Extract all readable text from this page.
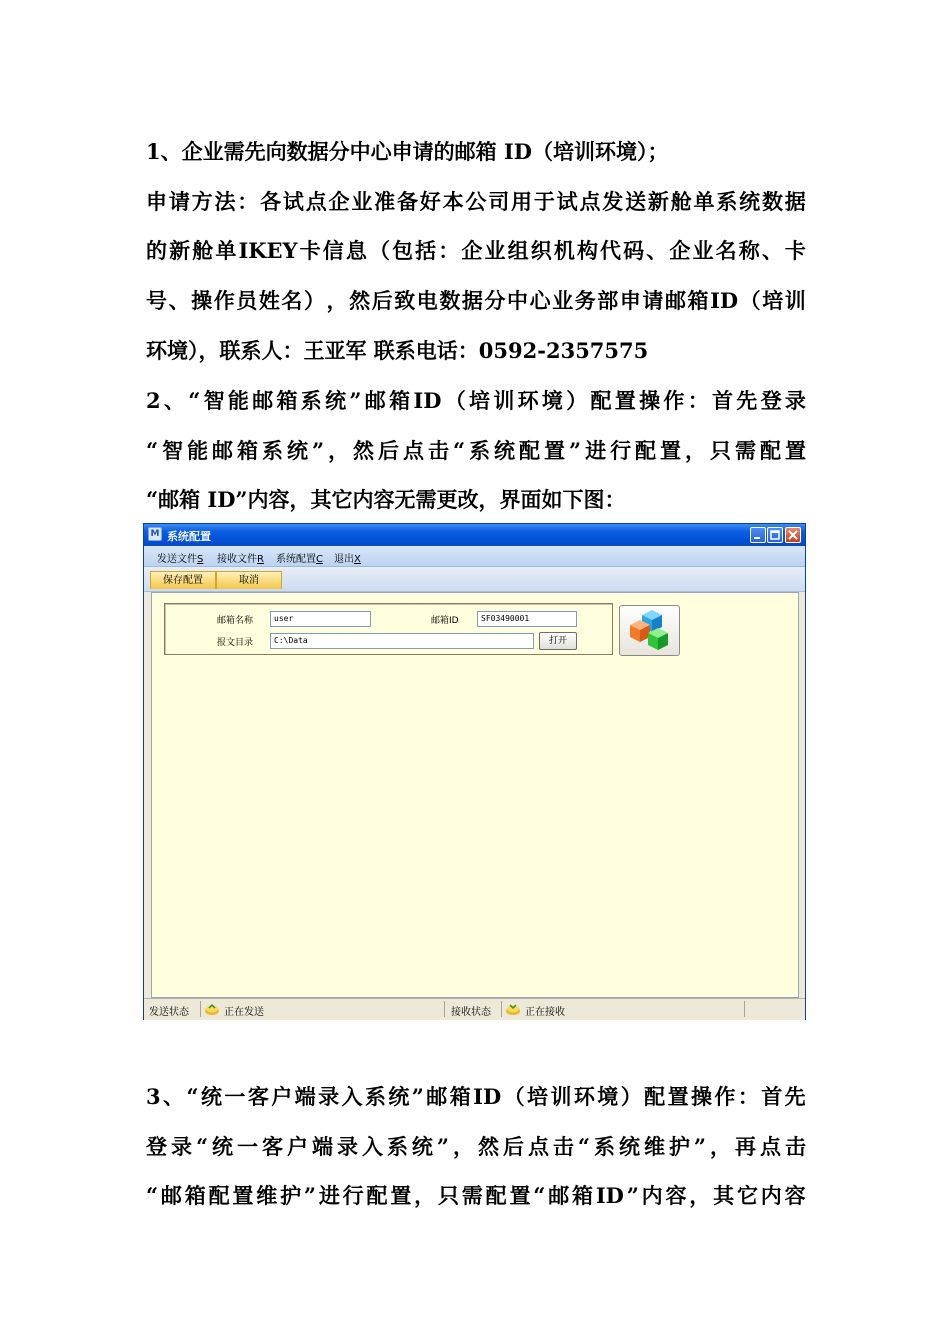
1、企业需先向数据分中心申请的邮箱 ID（培训环境）；
申 请 方 法 ： 各 试 点 企 业 准 备 好 本 公 司 用 于 试 点 发 送 新 舱 单 系 统 数 据
的 新 舱 单 IKEY 卡 信 息 （ 包 括 ： 企 业 组 织 机 构 代 码 、 企 业 名 称 、 卡
号 、 操 作 员 姓 名 ） ， 然 后 致 电 数 据 分 中 心 业 务 部 申 请 邮 箱 ID （ 培 训
环境），联系人：王亚军 联系电话：0592-2357575
2 、 “ 智 能 邮 箱 系 统 ” 邮 箱 ID （ 培 训 环 境 ） 配 置 操 作 ： 首 先 登 录
“ 智 能 邮 箱 系 统 ” ， 然 后 点 击 “ 系 统 配 置 ” 进 行 配 置 ， 只 需 配 置
“邮箱 ID”内容，其它内容无需更改，界面如下图：
M 系统配置
发送文件S 接收文件R 系统配置C 退出X
保存配置	取消
邮箱名称	user	邮箱ID	SF03490001
报文目录	C:\Data	打开
发送状态	正在发送	接收状态	正在接收
3 、 “ 统 一 客 户 端 录 入 系 统 ” 邮 箱 ID （ 培 训 环 境 ） 配 置 操 作 ： 首 先
登 录 “ 统 一 客 户 端 录 入 系 统 ” ， 然 后 点 击 “ 系 统 维 护 ” ， 再 点 击
“ 邮 箱 配 置 维 护 ” 进 行 配 置 ， 只 需 配 置 “ 邮 箱 ID ” 内 容 ， 其 它 内 容
